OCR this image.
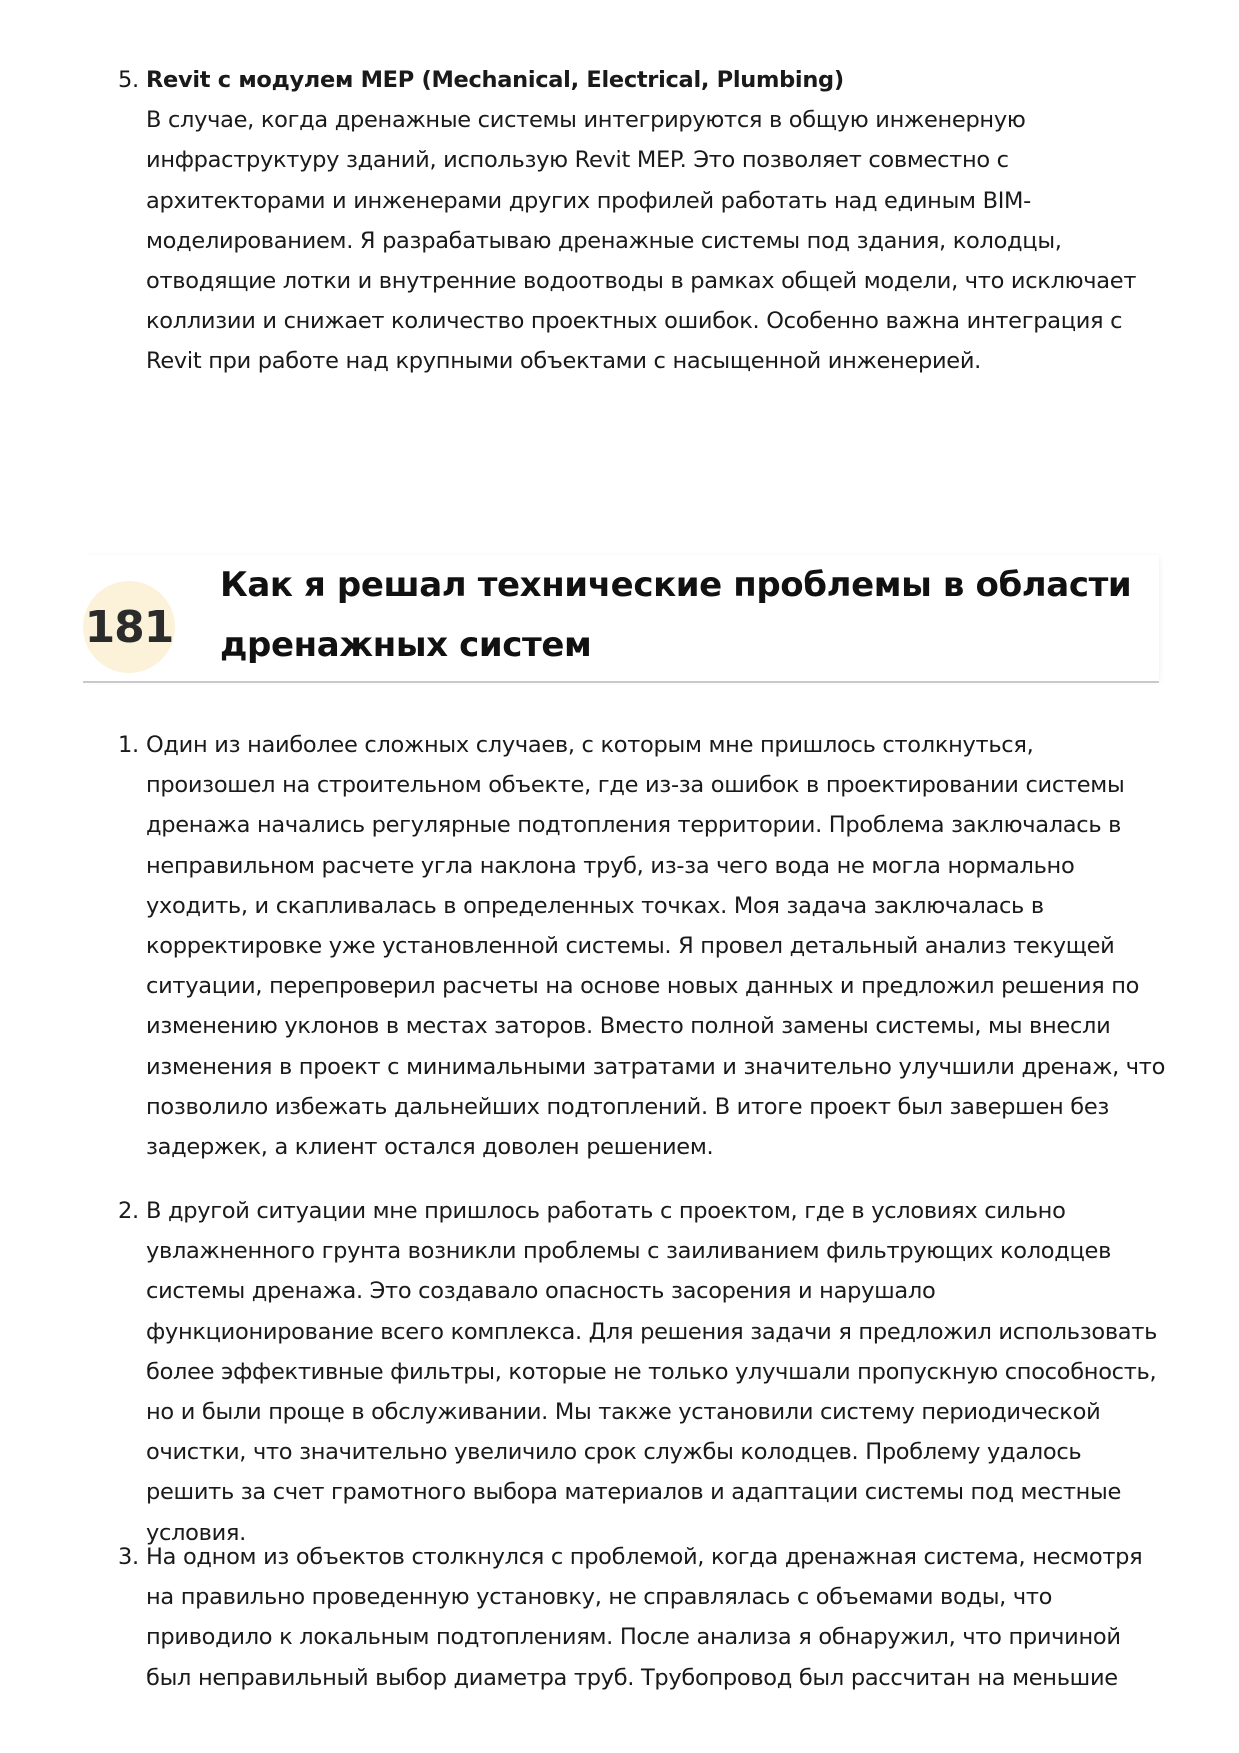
5. Revit с модулем MEP (Mechanical, Electrical, Plumbing)

В случае, когда дренажные системы интегрируются в общую инженерную инфраструктуру зданий, использую Revit MEP. Это позволяет совместно с архитекторами и инженерами других профилей работать над единым BIM-моделированием. Я разрабатываю дренажные системы под здания, колодцы, отводящие лотки и внутренние водоотводы в рамках общей модели, что исключает коллизии и снижает количество проектных ошибок. Особенно важна интеграция с Revit при работе над крупными объектами с насыщенной инженерией.

181
Как я решал технические проблемы в области дренажных систем
1. Один из наиболее сложных случаев, с которым мне пришлось столкнуться, произошел на строительном объекте, где из-за ошибок в проектировании системы дренажа начались регулярные подтопления территории. Проблема заключалась в неправильном расчете угла наклона труб, из-за чего вода не могла нормально уходить, и скапливалась в определенных точках. Моя задача заключалась в корректировке уже установленной системы. Я провел детальный анализ текущей ситуации, перепроверил расчеты на основе новых данных и предложил решения по изменению уклонов в местах заторов. Вместо полной замены системы, мы внесли изменения в проект с минимальными затратами и значительно улучшили дренаж, что позволило избежать дальнейших подтоплений. В итоге проект был завершен без задержек, а клиент остался доволен решением.

2. В другой ситуации мне пришлось работать с проектом, где в условиях сильно увлажненного грунта возникли проблемы с заиливанием фильтрующих колодцев системы дренажа. Это создавало опасность засорения и нарушало функционирование всего комплекса. Для решения задачи я предложил использовать более эффективные фильтры, которые не только улучшали пропускную способность, но и были проще в обслуживании. Мы также установили систему периодической очистки, что значительно увеличило срок службы колодцев. Проблему удалось решить за счет грамотного выбора материалов и адаптации системы под местные условия.

3. На одном из объектов столкнулся с проблемой, когда дренажная система, несмотря на правильно проведенную установку, не справлялась с объемами воды, что приводило к локальным подтоплениям. После анализа я обнаружил, что причиной был неправильный выбор диаметра труб. Трубопровод был рассчитан на меньшие
